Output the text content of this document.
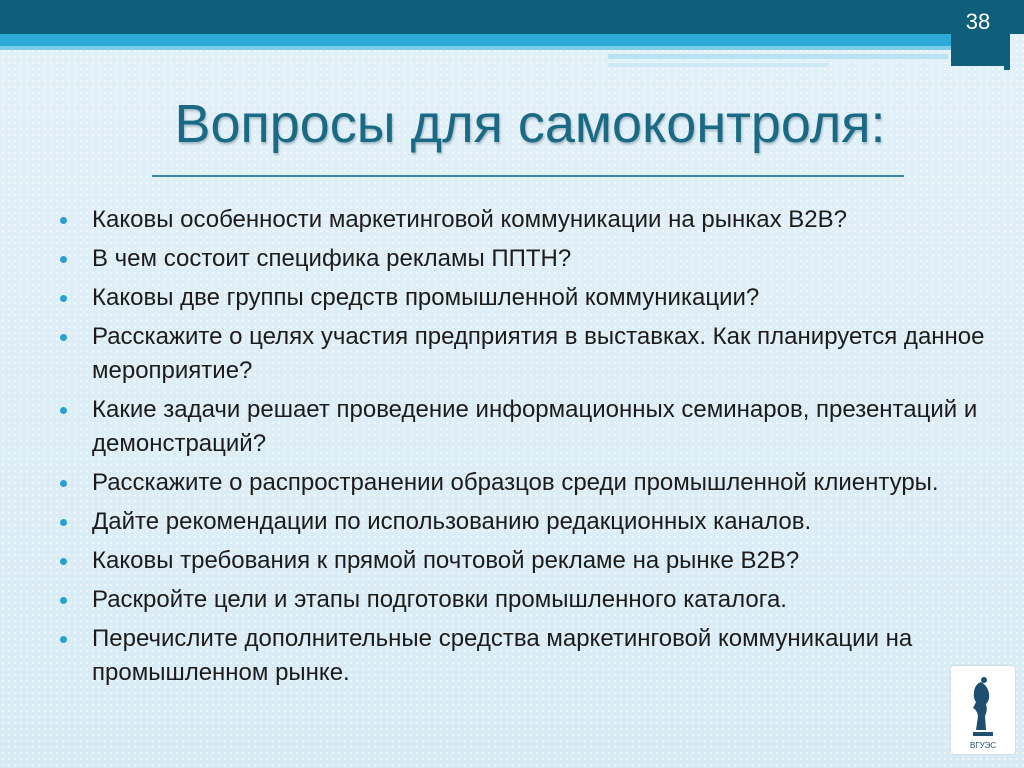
38
Вопросы для самоконтроля:
Каковы особенности маркетинговой коммуникации на рынках В2В?
В чем состоит специфика рекламы ППТН?
Каковы две группы средств промышленной коммуникации?
Расскажите о целях участия предприятия в выставках. Как планируется данное мероприятие?
Какие задачи решает проведение информационных семинаров, презентаций и демонстраций?
Расскажите о распространении образцов среди промышленной клиентуры.
Дайте рекомендации по использованию редакционных каналов.
Каковы требования к прямой почтовой рекламе на рынке В2В?
Раскройте цели и этапы подготовки промышленного каталога.
Перечислите дополнительные средства маркетинговой коммуникации на промышленном рынке.
ВГУЭС
